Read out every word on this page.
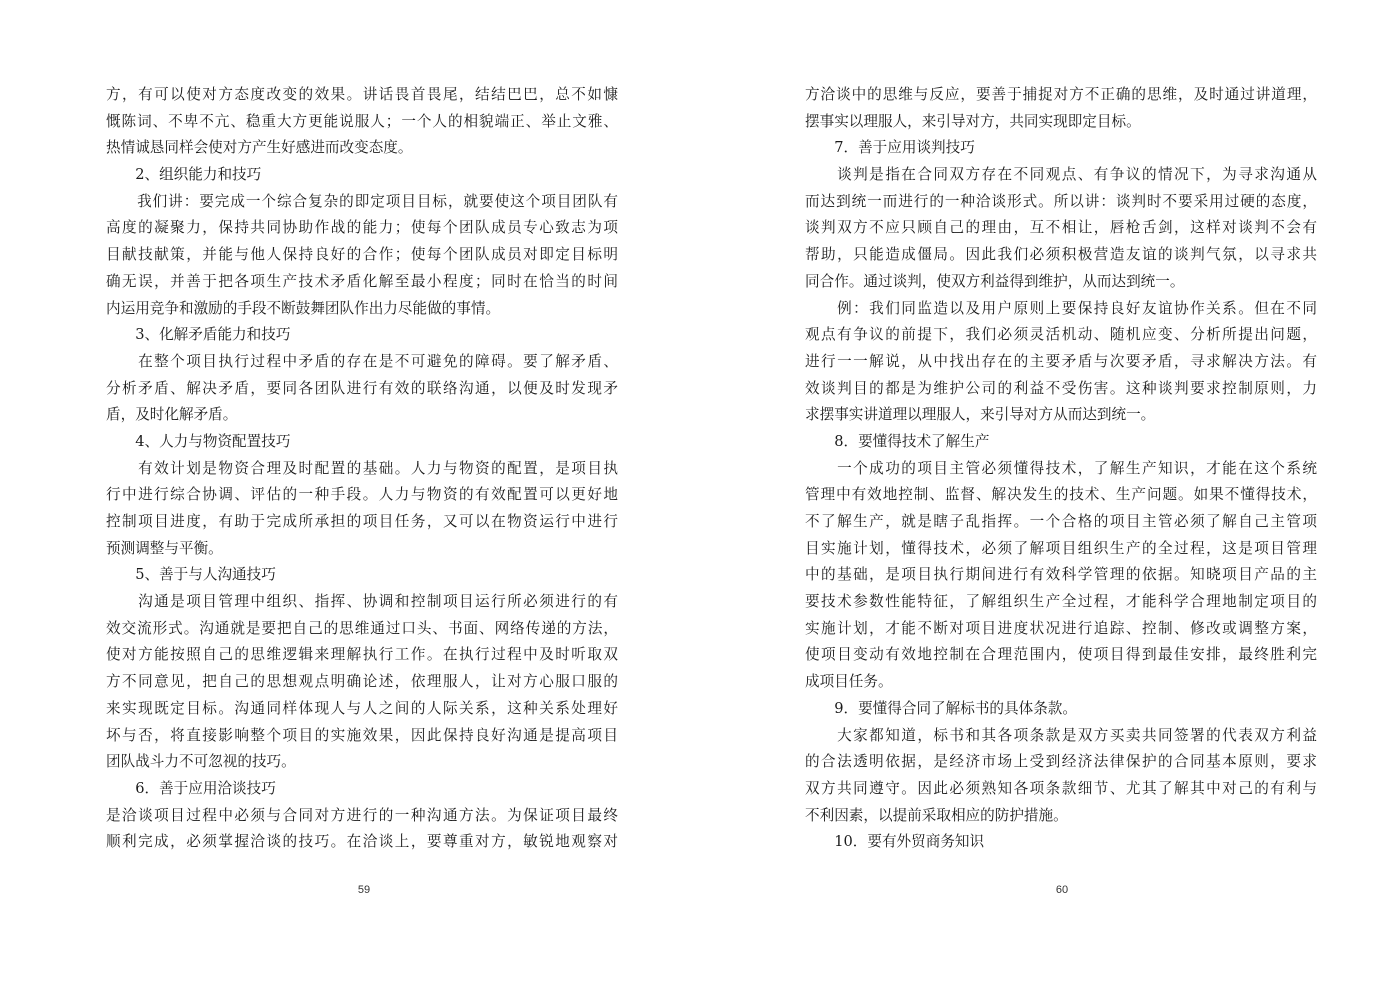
方，有可以使对方态度改变的效果。讲话畏首畏尾，结结巴巴，总不如慷
慨陈词、不卑不亢、稳重大方更能说服人；一个人的相貌端正、举止文雅、
热情诚恳同样会使对方产生好感进而改变态度。
　　2、组织能力和技巧
　　我们讲：要完成一个综合复杂的即定项目目标，就要使这个项目团队有
高度的凝聚力，保持共同协助作战的能力；使每个团队成员专心致志为项
目献技献策，并能与他人保持良好的合作；使每个团队成员对即定目标明
确无误，并善于把各项生产技术矛盾化解至最小程度；同时在恰当的时间
内运用竞争和激励的手段不断鼓舞团队作出力尽能做的事情。
　　3、化解矛盾能力和技巧
　　在整个项目执行过程中矛盾的存在是不可避免的障碍。要了解矛盾、
分析矛盾、解决矛盾，要同各团队进行有效的联络沟通，以便及时发现矛
盾，及时化解矛盾。
　　4、人力与物资配置技巧
　　有效计划是物资合理及时配置的基础。人力与物资的配置，是项目执
行中进行综合协调、评估的一种手段。人力与物资的有效配置可以更好地
控制项目进度，有助于完成所承担的项目任务，又可以在物资运行中进行
预测调整与平衡。
　　5、善于与人沟通技巧
　　沟通是项目管理中组织、指挥、协调和控制项目运行所必须进行的有
效交流形式。沟通就是要把自己的思维通过口头、书面、网络传递的方法，
使对方能按照自己的思维逻辑来理解执行工作。在执行过程中及时听取双
方不同意见，把自己的思想观点明确论述，依理服人，让对方心服口服的
来实现既定目标。沟通同样体现人与人之间的人际关系，这种关系处理好
坏与否，将直接影响整个项目的实施效果，因此保持良好沟通是提高项目
团队战斗力不可忽视的技巧。
　　6．善于应用洽谈技巧
是洽谈项目过程中必须与合同对方进行的一种沟通方法。为保证项目最终
顺利完成，必须掌握洽谈的技巧。在洽谈上，要尊重对方，敏锐地观察对
59
方洽谈中的思维与反应，要善于捕捉对方不正确的思维，及时通过讲道理，
摆事实以理服人，来引导对方，共同实现即定目标。
　　7．善于应用谈判技巧
　　谈判是指在合同双方存在不同观点、有争议的情况下，为寻求沟通从
而达到统一而进行的一种洽谈形式。所以讲：谈判时不要采用过硬的态度，
谈判双方不应只顾自己的理由，互不相让，唇枪舌剑，这样对谈判不会有
帮助，只能造成僵局。因此我们必须积极营造友谊的谈判气氛，以寻求共
同合作。通过谈判，使双方利益得到维护，从而达到统一。
　　例：我们同监造以及用户原则上要保持良好友谊协作关系。但在不同
观点有争议的前提下，我们必须灵活机动、随机应变、分析所提出问题，
进行一一解说，从中找出存在的主要矛盾与次要矛盾，寻求解决方法。有
效谈判目的都是为维护公司的利益不受伤害。这种谈判要求控制原则，力
求摆事实讲道理以理服人，来引导对方从而达到统一。
　　8．要懂得技术了解生产
　　一个成功的项目主管必须懂得技术，了解生产知识，才能在这个系统
管理中有效地控制、监督、解决发生的技术、生产问题。如果不懂得技术，
不了解生产，就是瞎子乱指挥。一个合格的项目主管必须了解自己主管项
目实施计划，懂得技术，必须了解项目组织生产的全过程，这是项目管理
中的基础，是项目执行期间进行有效科学管理的依据。知晓项目产品的主
要技术参数性能特征，了解组织生产全过程，才能科学合理地制定项目的
实施计划，才能不断对项目进度状况进行追踪、控制、修改或调整方案，
使项目变动有效地控制在合理范围内，使项目得到最佳安排，最终胜利完
成项目任务。
　　9．要懂得合同了解标书的具体条款。
　　大家都知道，标书和其各项条款是双方买卖共同签署的代表双方利益
的合法透明依据，是经济市场上受到经济法律保护的合同基本原则，要求
双方共同遵守。因此必须熟知各项条款细节、尤其了解其中对己的有利与
不利因素，以提前采取相应的防护措施。
　　10．要有外贸商务知识
60
